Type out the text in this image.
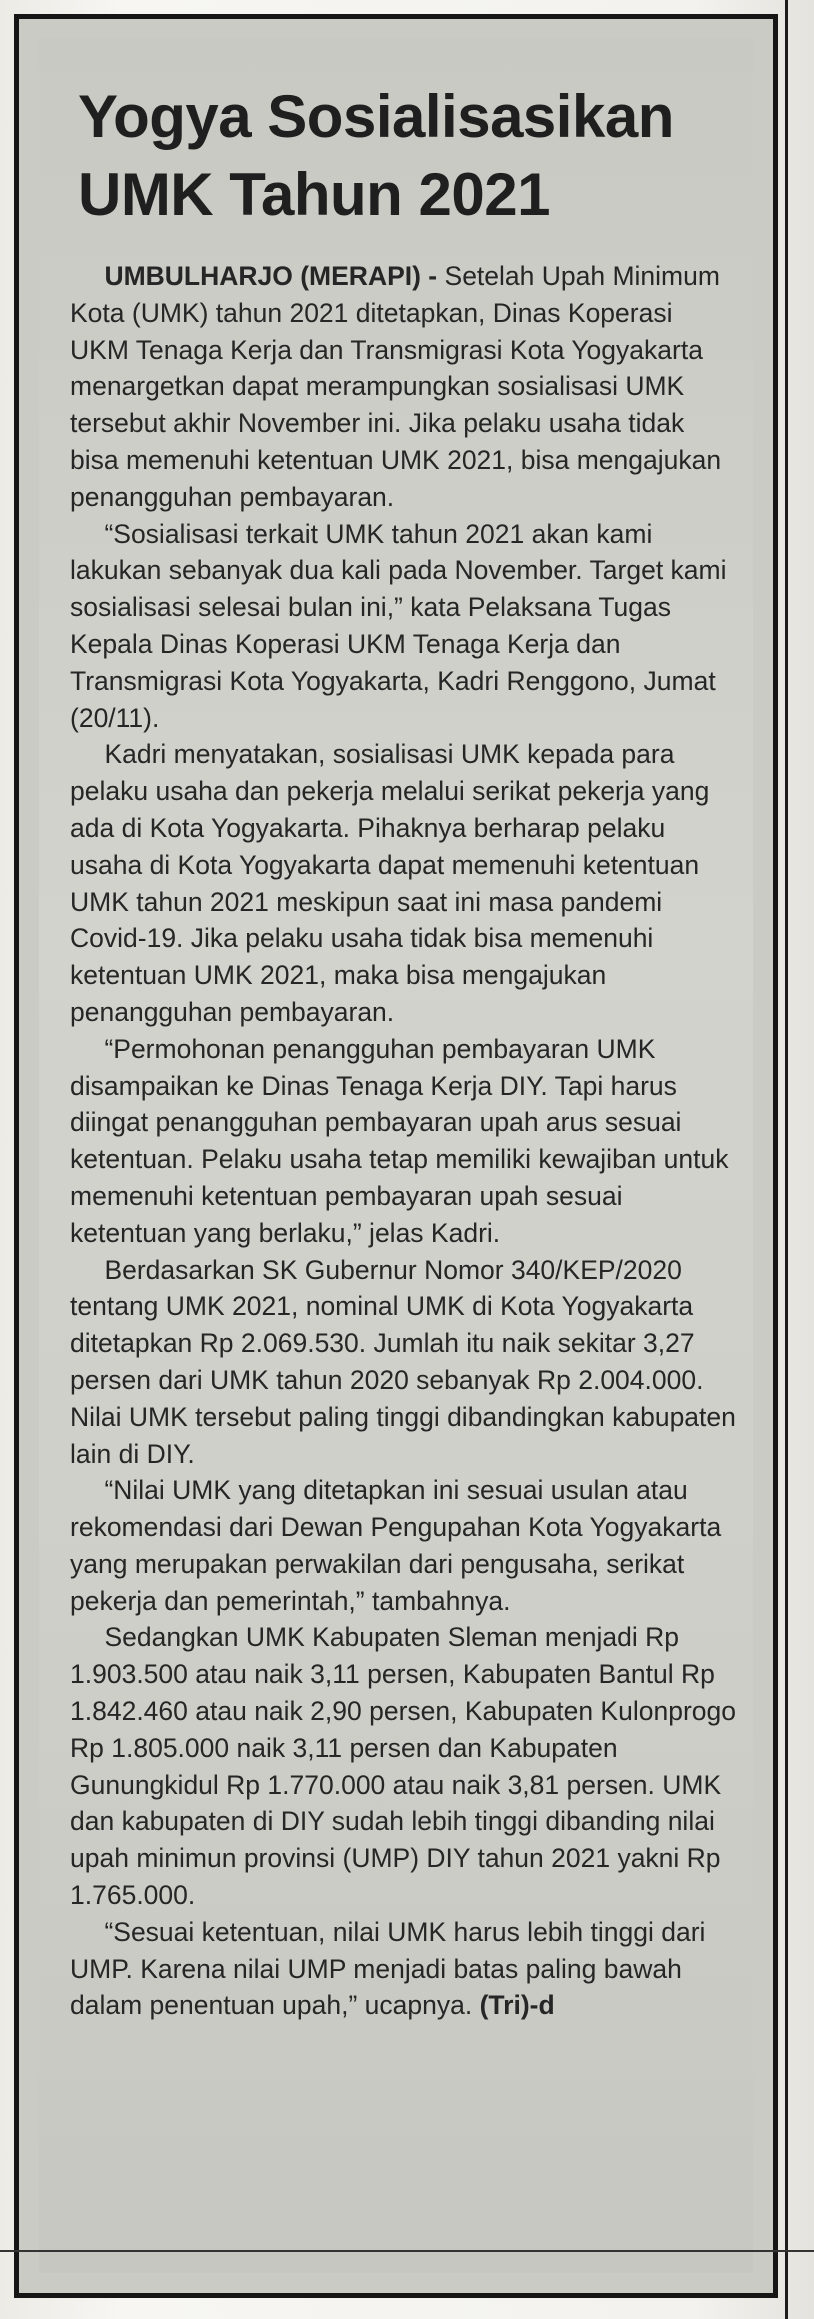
Yogya Sosialisasikan UMK Tahun 2021

UMBULHARJO (MERAPI) - Setelah Upah Minimum Kota (UMK) tahun 2021 ditetapkan, Dinas Koperasi UKM Tenaga Kerja dan Transmigrasi Kota Yogyakarta menargetkan dapat merampungkan sosialisasi UMK tersebut akhir November ini. Jika pelaku usaha tidak bisa memenuhi ketentuan UMK 2021, bisa mengajukan penangguhan pembayaran.

“Sosialisasi terkait UMK tahun 2021 akan kami lakukan sebanyak dua kali pada November. Target kami sosialisasi selesai bulan ini,” kata Pelaksana Tugas Kepala Dinas Koperasi UKM Tenaga Kerja dan Transmigrasi Kota Yogyakarta, Kadri Renggono, Jumat (20/11).

Kadri menyatakan, sosialisasi UMK kepada para pelaku usaha dan pekerja melalui serikat pekerja yang ada di Kota Yogyakarta. Pihaknya berharap pelaku usaha di Kota Yogyakarta dapat memenuhi ketentuan UMK tahun 2021 meskipun saat ini masa pandemi Covid-19. Jika pelaku usaha tidak bisa memenuhi ketentuan UMK 2021, maka bisa mengajukan penangguhan pembayaran.

“Permohonan penangguhan pembayaran UMK disampaikan ke Dinas Tenaga Kerja DIY. Tapi harus diingat penangguhan pembayaran upah arus sesuai ketentuan. Pelaku usaha tetap memiliki kewajiban untuk memenuhi ketentuan pembayaran upah sesuai ketentuan yang berlaku,” jelas Kadri.

Berdasarkan SK Gubernur Nomor 340/KEP/2020 tentang UMK 2021, nominal UMK di Kota Yogyakarta ditetapkan Rp 2.069.530. Jumlah itu naik sekitar 3,27 persen dari UMK tahun 2020 sebanyak Rp 2.004.000. Nilai UMK tersebut paling tinggi dibandingkan kabupaten lain di DIY.

“Nilai UMK yang ditetapkan ini sesuai usulan atau rekomendasi dari Dewan Pengupahan Kota Yogyakarta yang merupakan perwakilan dari pengusaha, serikat pekerja dan pemerintah,” tambahnya.

Sedangkan UMK Kabupaten Sleman menjadi Rp 1.903.500 atau naik 3,11 persen, Kabupaten Bantul Rp 1.842.460 atau naik 2,90 persen, Kabupaten Kulonprogo Rp 1.805.000 naik 3,11 persen dan Kabupaten Gunungkidul Rp 1.770.000 atau naik 3,81 persen. UMK dan kabupaten di DIY sudah lebih tinggi dibanding nilai upah minimun provinsi (UMP) DIY tahun 2021 yakni Rp 1.765.000.

“Sesuai ketentuan, nilai UMK harus lebih tinggi dari UMP. Karena nilai UMP menjadi batas paling bawah dalam penentuan upah,” ucapnya. (Tri)-d
